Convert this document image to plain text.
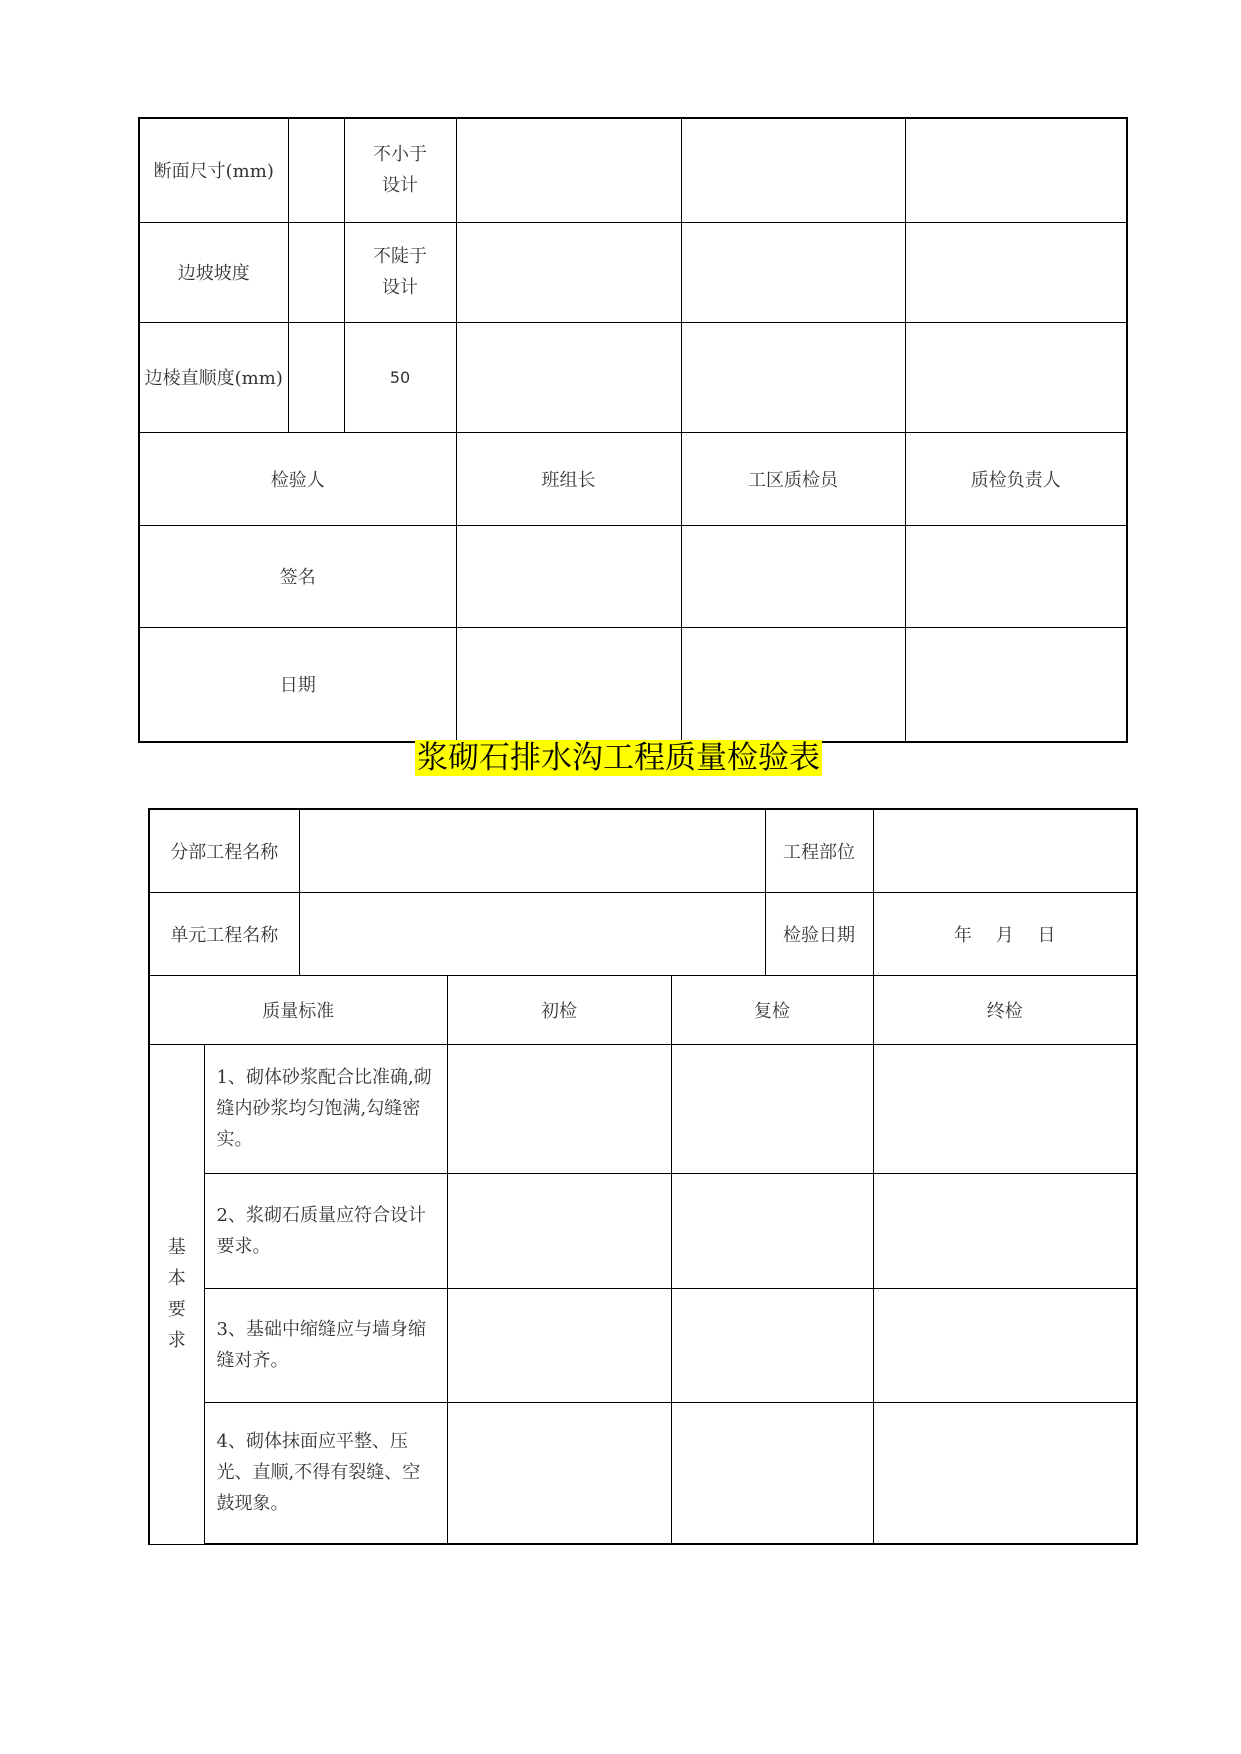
断面尺寸(mm)		不小于
设计			
边坡坡度		不陡于
设计			
边棱直顺度(mm)		50			
检验人			班组长	工区质检员	质检负责人
签名					
日期					
浆砌石排水沟工程质量检验表
分部工程名称					工程部位	
单元工程名称					检验日期	年 月 日
质量标准			初检	复检		终检

基
本
要
求	1、砌体砂浆配合比准确,砌缝内砂浆均匀饱满,勾缝密实。					
	2、浆砌石质量应符合设计要求。					
	3、基础中缩缝应与墙身缩缝对齐。					
	4、砌体抹面应平整、压光、直顺,不得有裂缝、空鼓现象。					
